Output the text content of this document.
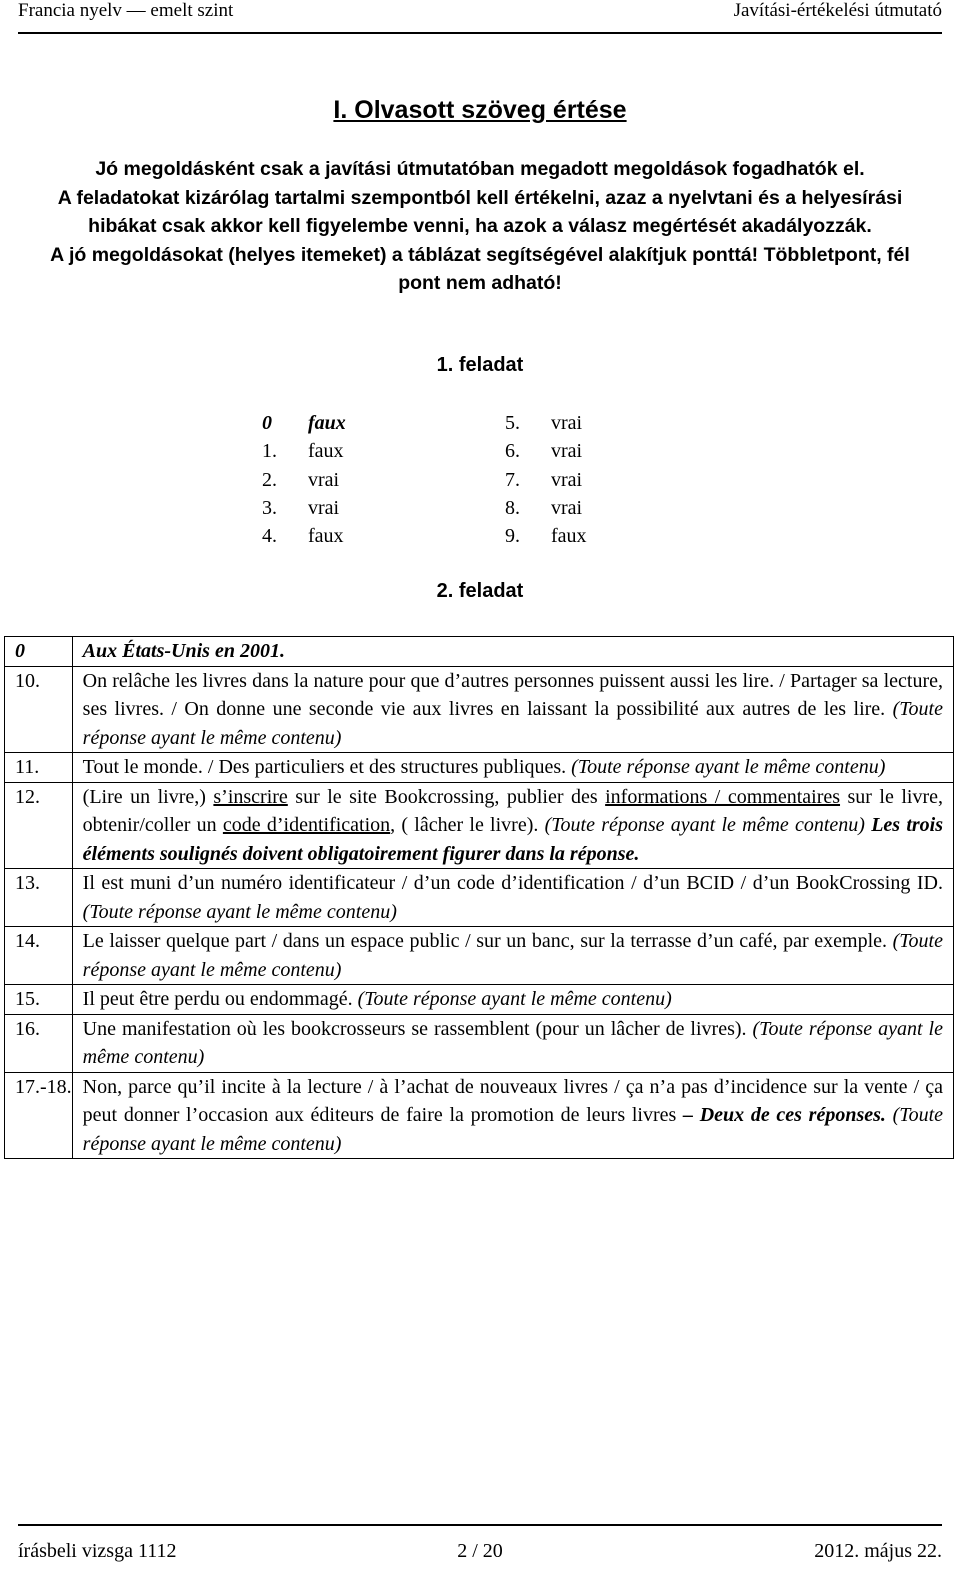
Francia nyelv — emelt szint	Javítási-értékelési útmutató
I. Olvasott szöveg értése

Jó megoldásként csak a javítási útmutatóban megadott megoldások fogadhatók el.

A feladatokat kizárólag tartalmi szempontból kell értékelni, azaz a nyelvtani és a helyesírási hibákat csak akkor kell figyelembe venni, ha azok a válasz megértését akadályozzák.

A jó megoldásokat (helyes itemeket) a táblázat segítségével alakítjuk ponttá! Többletpont, fél pont nem adható!

1. feladat
0 faux
1. faux
2. vrai
3. vrai
4. faux
5. vrai
6. vrai
7. vrai
8. vrai
9. faux
2. feladat
0	Aux États-Unis en 2001.
10.	On relâche les livres dans la nature pour que d’autres personnes puissent aussi les lire. / Partager sa lecture, ses livres. / On donne une seconde vie aux livres en laissant la possibilité aux autres de les lire. (Toute réponse ayant le même contenu)
11.	Tout le monde. / Des particuliers et des structures publiques. (Toute réponse ayant le même contenu)
12.	(Lire un livre,) s’inscrire sur le site Bookcrossing, publier des informations / commentaires sur le livre, obtenir/coller un code d’identification, ( lâcher le livre). (Toute réponse ayant le même contenu) Les trois éléments soulignés doivent obligatoirement figurer dans la réponse.
13.	Il est muni d’un numéro identificateur / d’un code d’identification / d’un BCID / d’un BookCrossing ID. (Toute réponse ayant le même contenu)
14.	Le laisser quelque part / dans un espace public / sur un banc, sur la terrasse d’un café, par exemple. (Toute réponse ayant le même contenu)
15.	Il peut être perdu ou endommagé. (Toute réponse ayant le même contenu)
16.	Une manifestation où les bookcrosseurs se rassemblent (pour un lâcher de livres). (Toute réponse ayant le même contenu)
17.-18.	Non, parce qu’il incite à la lecture / à l’achat de nouveaux livres / ça n’a pas d’incidence sur la vente / ça peut donner l’occasion aux éditeurs de faire la promotion de leurs livres – Deux de ces réponses. (Toute réponse ayant le même contenu)
írásbeli vizsga 1112	2 / 20	2012. május 22.
